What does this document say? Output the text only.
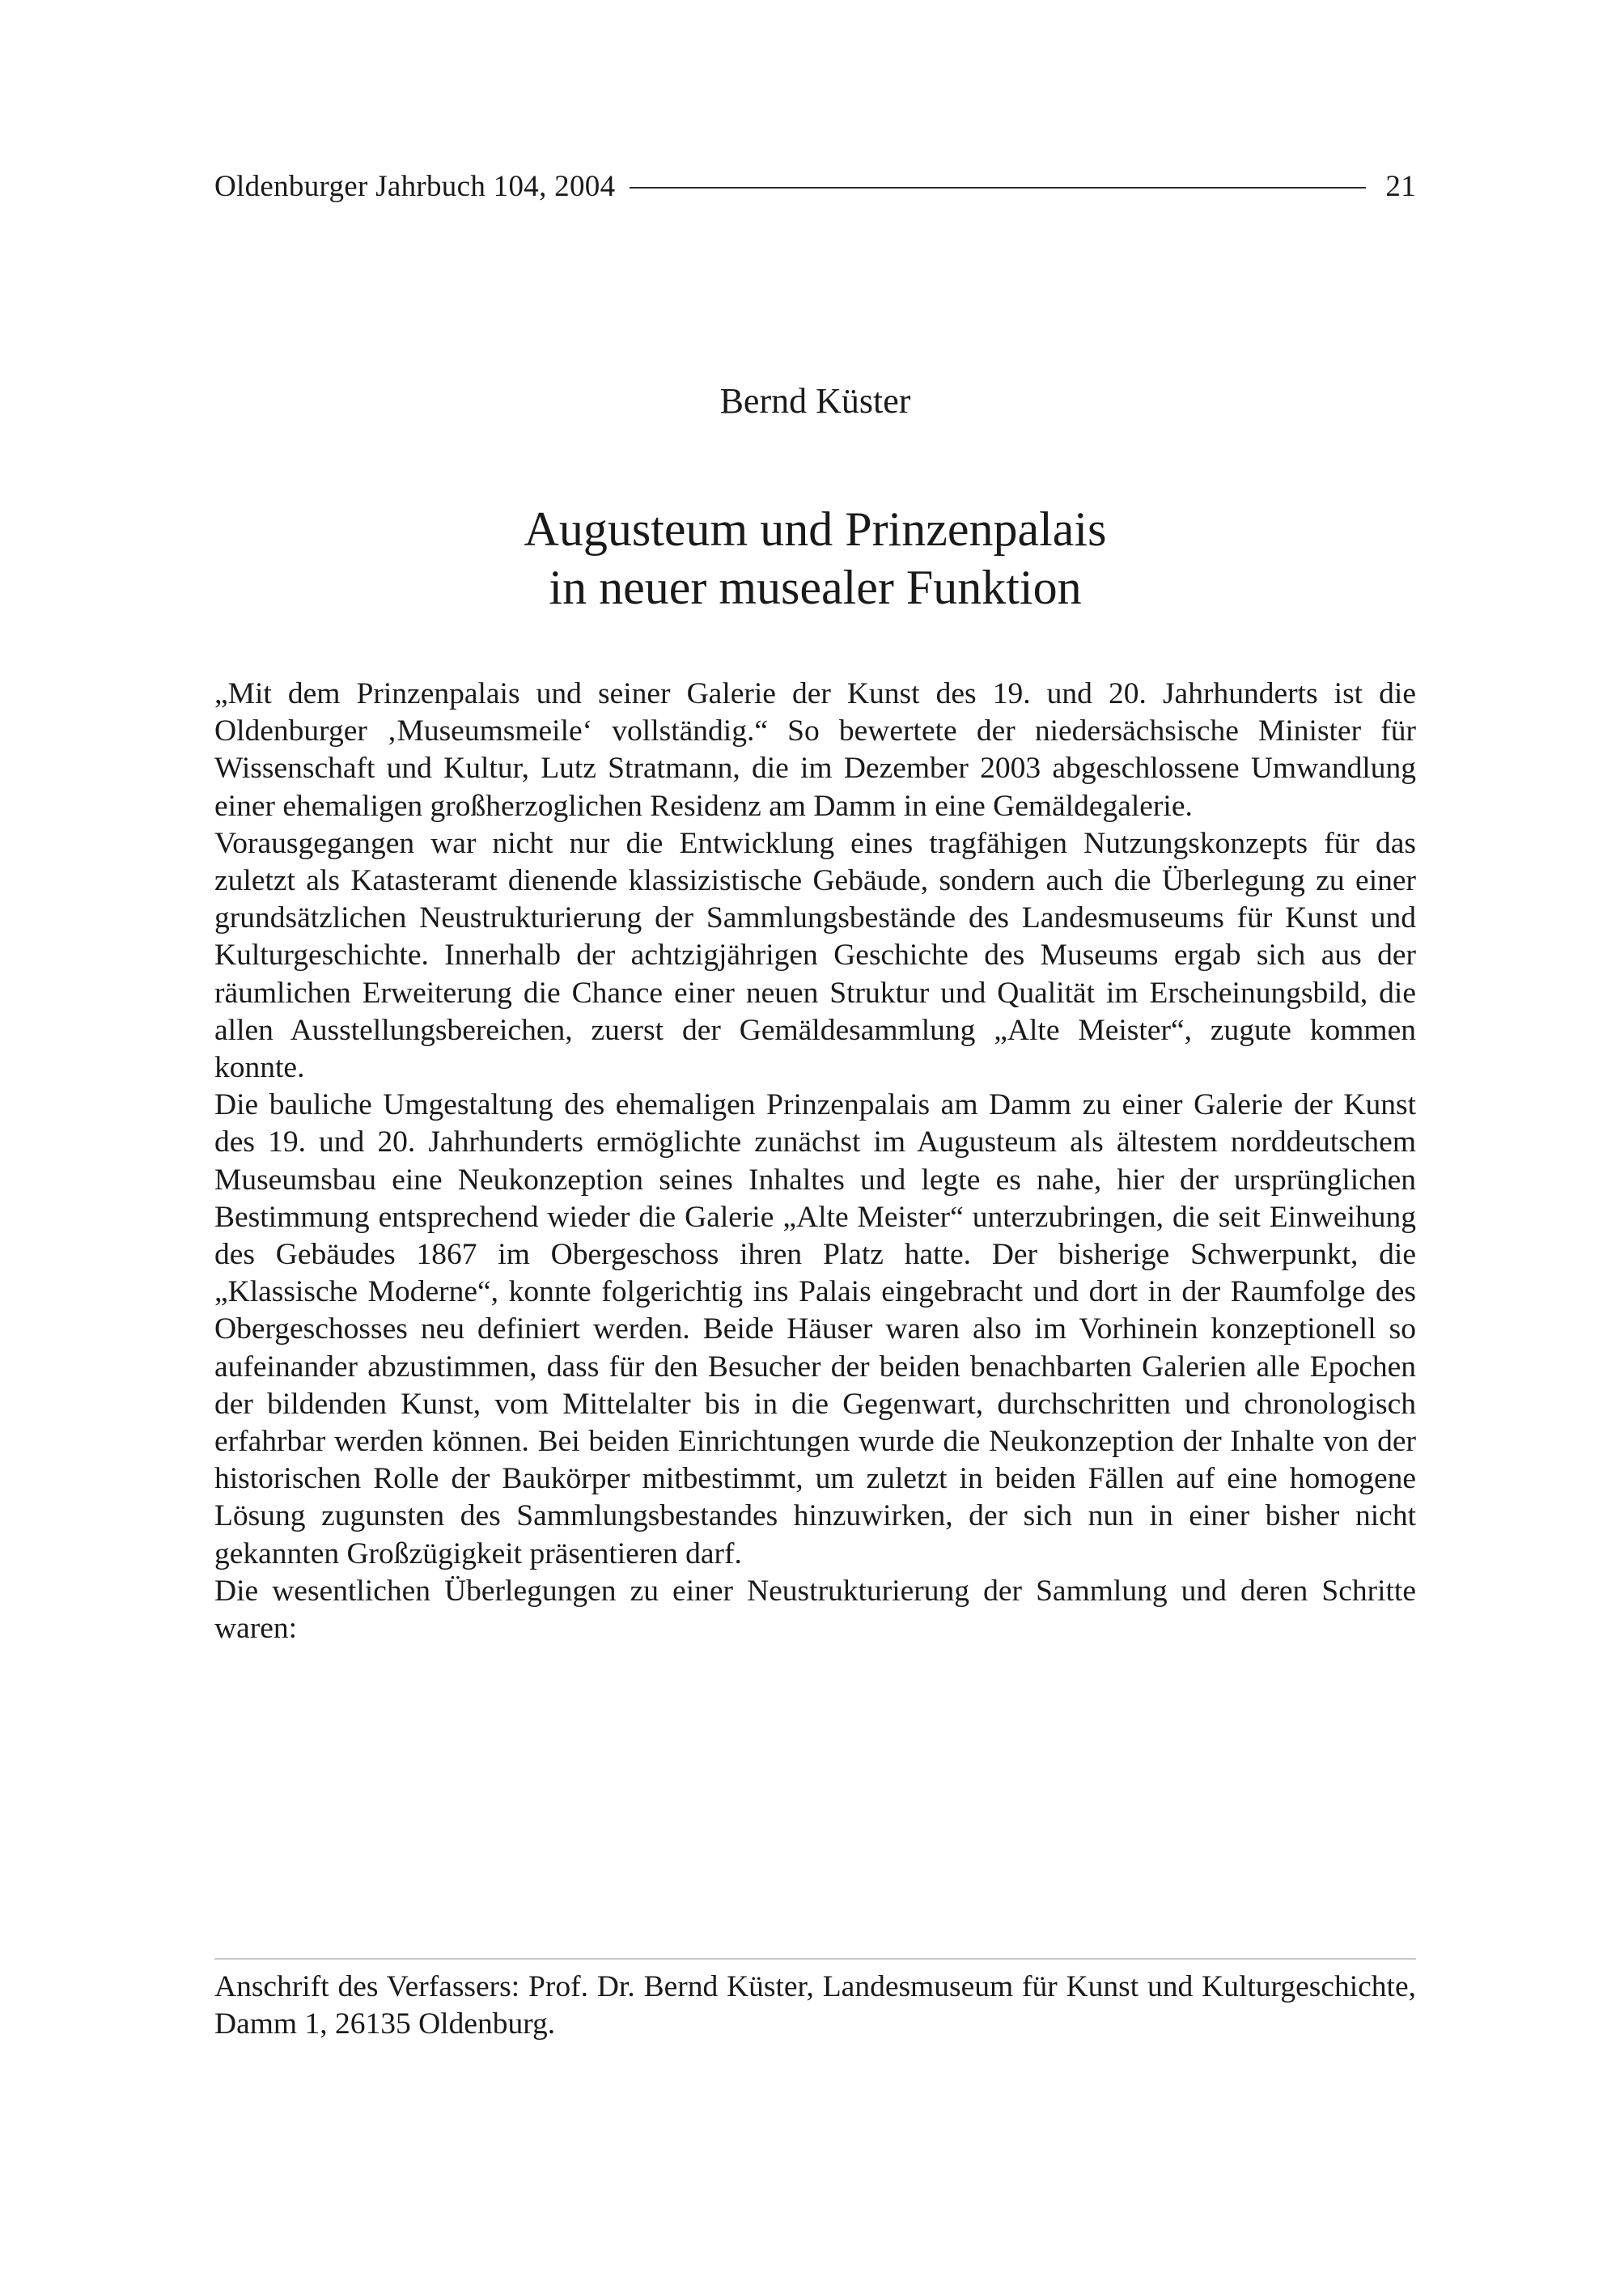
Oldenburger Jahrbuch 104, 2004	21
Bernd Küster
Augusteum und Prinzenpalais
in neuer musealer Funktion

„Mit dem Prinzenpalais und seiner Galerie der Kunst des 19. und 20. Jahrhunderts ist die Oldenburger ‚Museumsmeile‘ vollständig.“ So bewertete der niedersächsische Minister für Wissenschaft und Kultur, Lutz Stratmann, die im Dezember 2003 abgeschlossene Umwandlung einer ehemaligen großherzoglichen Residenz am Damm in eine Gemäldegalerie.

Vorausgegangen war nicht nur die Entwicklung eines tragfähigen Nutzungskonzepts für das zuletzt als Katasteramt dienende klassizistische Gebäude, sondern auch die Überlegung zu einer grundsätzlichen Neustrukturierung der Sammlungsbestände des Landesmuseums für Kunst und Kulturgeschichte. Innerhalb der achtzigjährigen Geschichte des Museums ergab sich aus der räumlichen Erweiterung die Chance einer neuen Struktur und Qualität im Erscheinungsbild, die allen Ausstellungsbereichen, zuerst der Gemäldesammlung „Alte Meister“, zugute kommen konnte.

Die bauliche Umgestaltung des ehemaligen Prinzenpalais am Damm zu einer Galerie der Kunst des 19. und 20. Jahrhunderts ermöglichte zunächst im Augusteum als ältestem norddeutschem Museumsbau eine Neukonzeption seines Inhaltes und legte es nahe, hier der ursprünglichen Bestimmung entsprechend wieder die Galerie „Alte Meister“ unterzubringen, die seit Einweihung des Gebäudes 1867 im Obergeschoss ihren Platz hatte. Der bisherige Schwerpunkt, die „Klassische Moderne“, konnte folgerichtig ins Palais eingebracht und dort in der Raumfolge des Obergeschosses neu definiert werden. Beide Häuser waren also im Vorhinein konzeptionell so aufeinander abzustimmen, dass für den Besucher der beiden benachbarten Galerien alle Epochen der bildenden Kunst, vom Mittelalter bis in die Gegenwart, durchschritten und chronologisch erfahrbar werden können. Bei beiden Einrichtungen wurde die Neukonzeption der Inhalte von der historischen Rolle der Baukörper mitbestimmt, um zuletzt in beiden Fällen auf eine homogene Lösung zugunsten des Sammlungsbestandes hinzuwirken, der sich nun in einer bisher nicht gekannten Großzügigkeit präsentieren darf.

Die wesentlichen Überlegungen zu einer Neustrukturierung der Sammlung und deren Schritte waren:

Anschrift des Verfassers: Prof. Dr. Bernd Küster, Landesmuseum für Kunst und Kulturgeschichte, Damm 1, 26135 Oldenburg.
